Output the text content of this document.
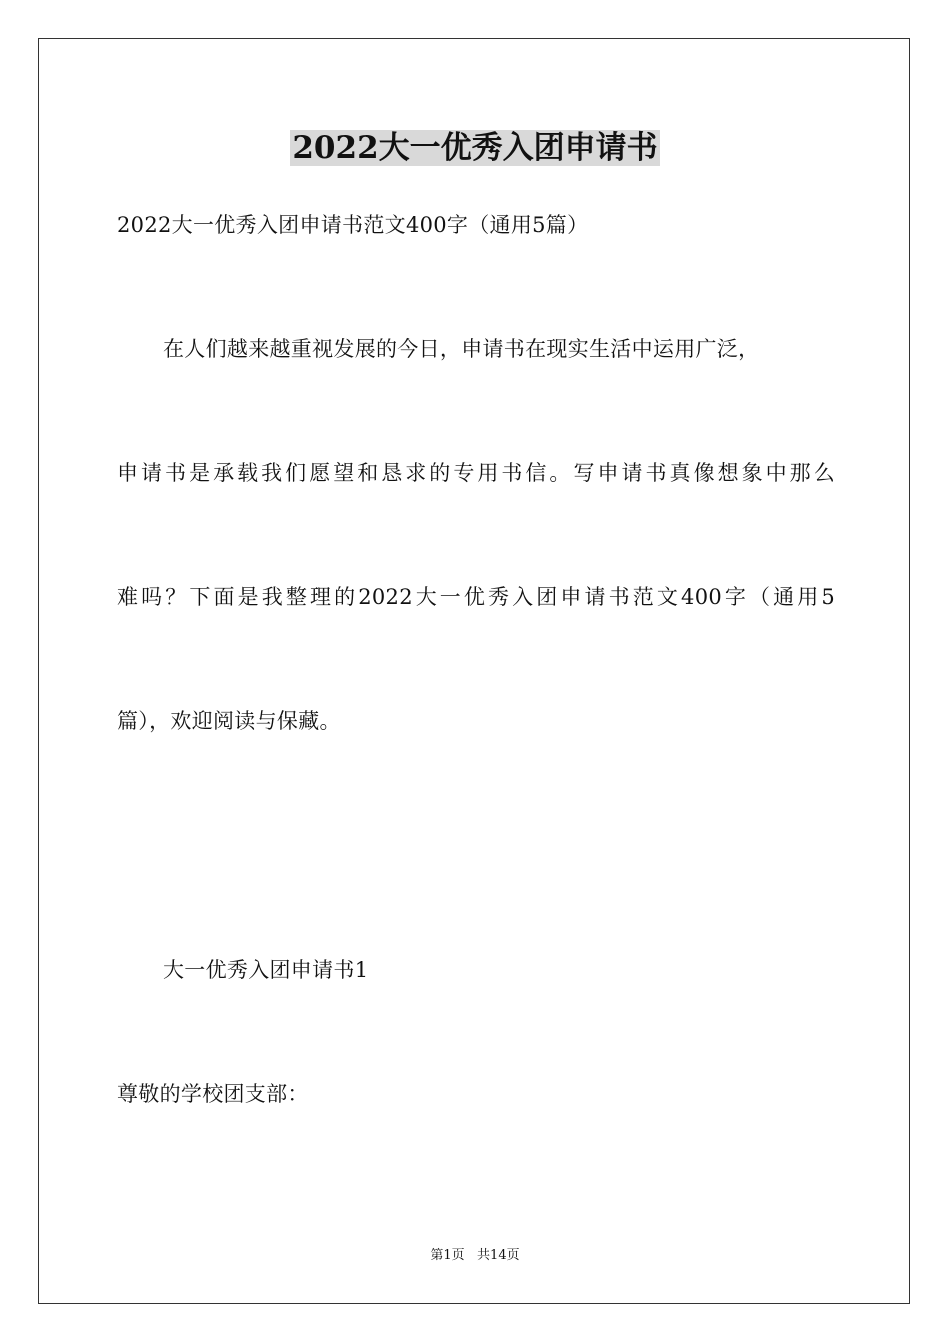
2022大一优秀入团申请书
2022大一优秀入团申请书范文400字（通用5篇）
在人们越来越重视发展的今日，申请书在现实生活中运用广泛，
申请书是承载我们愿望和恳求的专用书信。写申请书真像想象中那么
难吗？下面是我整理的2022大一优秀入团申请书范文400字（通用5
篇），欢迎阅读与保藏。
大一优秀入团申请书1
尊敬的学校团支部：
第1页   共14页
